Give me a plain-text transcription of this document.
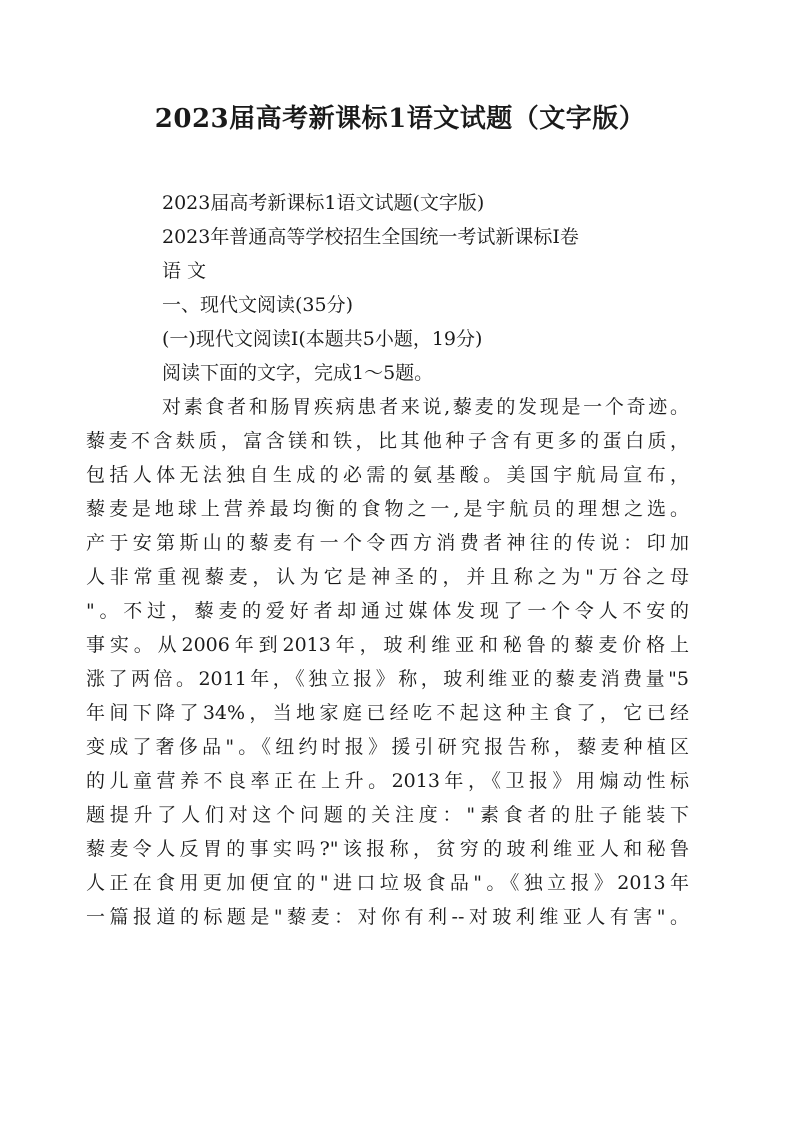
2023届高考新课标1语文试题（文字版）
2023届高考新课标1语文试题(文字版)
2023年普通高等学校招生全国统一考试新课标Ⅰ卷
语 文
一、现代文阅读(35分)
(一)现代文阅读Ⅰ(本题共5小题，19分)
阅读下面的文字，完成1～5题。
对素食者和肠胃疾病患者来说,藜麦的发现是一个奇迹。
藜麦不含麸质，富含镁和铁，比其他种子含有更多的蛋白质，
包括人体无法独自生成的必需的氨基酸。美国宇航局宣布，
藜麦是地球上营养最均衡的食物之一,是宇航员的理想之选。
产于安第斯山的藜麦有一个令西方消费者神往的传说：印加
人非常重视藜麦，认为它是神圣的，并且称之为"万谷之母
"。不过，藜麦的爱好者却通过媒体发现了一个令人不安的
事实。从2006年到2013年，玻利维亚和秘鲁的藜麦价格上
涨了两倍。2011年，《独立报》称，玻利维亚的藜麦消费量"5
年间下降了34%，当地家庭已经吃不起这种主食了，它已经
变成了奢侈品"。《纽约时报》援引研究报告称，藜麦种植区
的儿童营养不良率正在上升。2013年，《卫报》用煽动性标
题提升了人们对这个问题的关注度："素食者的肚子能装下
藜麦令人反胃的事实吗?"该报称，贫穷的玻利维亚人和秘鲁
人正在食用更加便宜的"进口垃圾食品"。《独立报》2013年
一篇报道的标题是"藜麦：对你有利--对玻利维亚人有害"。
